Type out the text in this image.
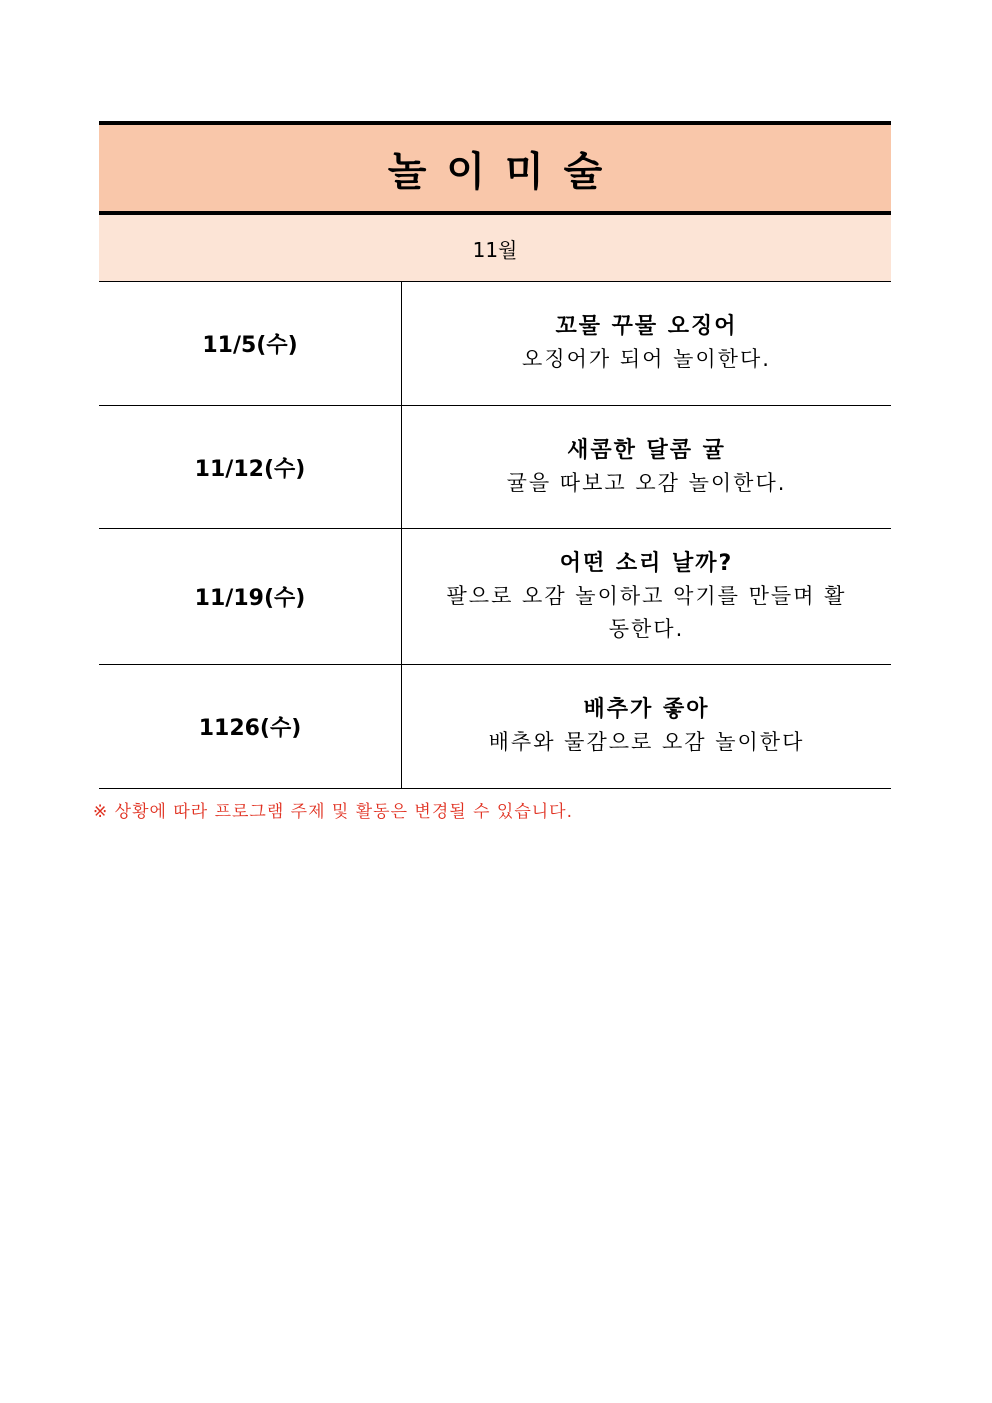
놀이미술
11월
11/5(수)
꼬물 꾸물 오징어
오징어가 되어 놀이한다.
11/12(수)
새콤한 달콤 귤
귤을 따보고 오감 놀이한다.
11/19(수)
어떤 소리 날까?
팔으로 오감 놀이하고 악기를 만들며 활동한다.
1126(수)
배추가 좋아
배추와 물감으로 오감 놀이한다
※ 상황에 따라 프로그램 주제 및 활동은 변경될 수 있습니다.
